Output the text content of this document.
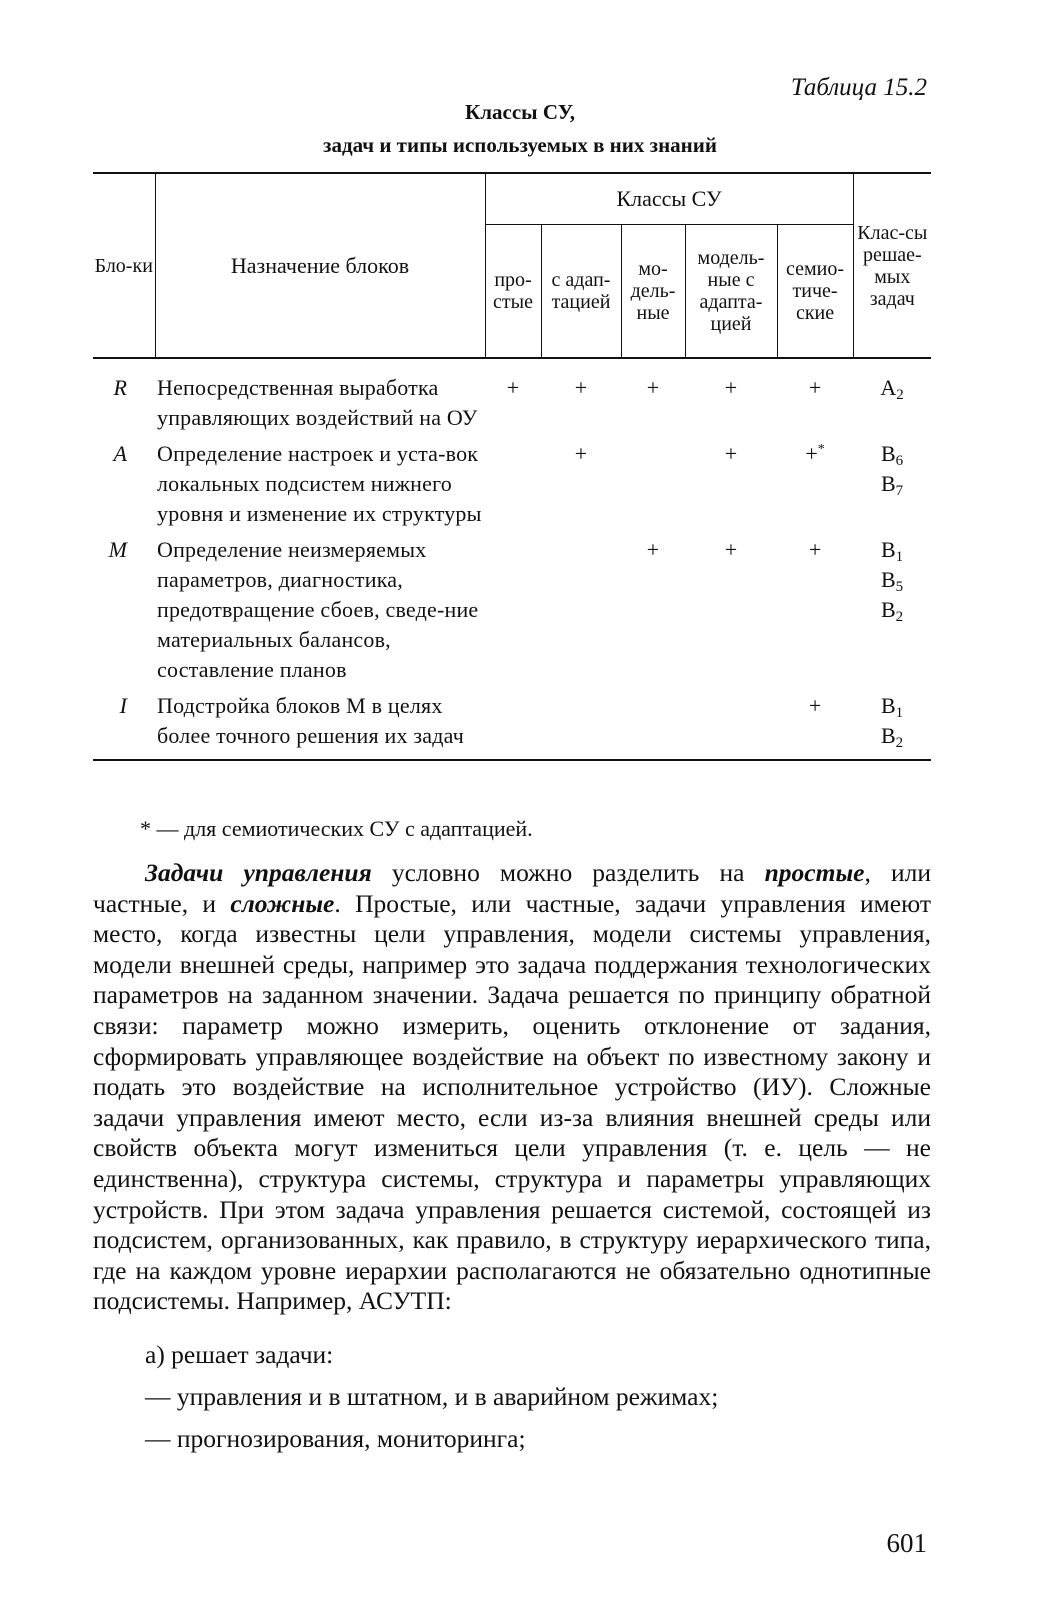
Таблица 15.2
Классы СУ,
задач и типы используемых в них знаний
Бло-ки	Назначение блоков	Классы СУ					Клас-сы решае-мых задач
		про-стые	с адап-тацией	мо-дель-ные	модель-ные с адапта-цией	семио-тиче-ские	
R	Непосредственная выработка управляющих воздействий на ОУ	+	+	+	+	+	$А_2$

A	Определение настроек и уста-вок локальных подсистем нижнего уровня и изменение их структуры		+		+	+*	$В_6$
$В_7$

M	Определение неизмеряемых параметров, диагностика, предотвращение сбоев, сведе-ние материальных балансов, составление планов			+	+	+	$В_1$
$В_5$
$В_2$

I	Подстройка блоков М в целях более точного решения их задач					+	$В_1$
$В_2$
* — для семиотических СУ с адаптацией.

Задачи управления условно можно разделить на простые, или частные, и сложные. Простые, или частные, задачи управления имеют место, когда известны цели управления, модели системы управления, модели внешней среды, например это задача поддержания технологических параметров на заданном значении. Задача решается по принципу обратной связи: параметр можно измерить, оценить отклонение от задания, сформировать управляющее воздействие на объект по известному закону и подать это воздействие на исполнительное устройство (ИУ). Сложные задачи управления имеют место, если из-за влияния внешней среды или свойств объекта могут измениться цели управления (т. е. цель — не единственна), структура системы, структура и параметры управляющих устройств. При этом задача управления решается системой, состоящей из подсистем, организованных, как правило, в структуру иерархического типа, где на каждом уровне иерархии располагаются не обязательно однотипные подсистемы. Например, АСУТП:

а) решает задачи:
— управления и в штатном, и в аварийном режимах;
— прогнозирования, мониторинга;
601
